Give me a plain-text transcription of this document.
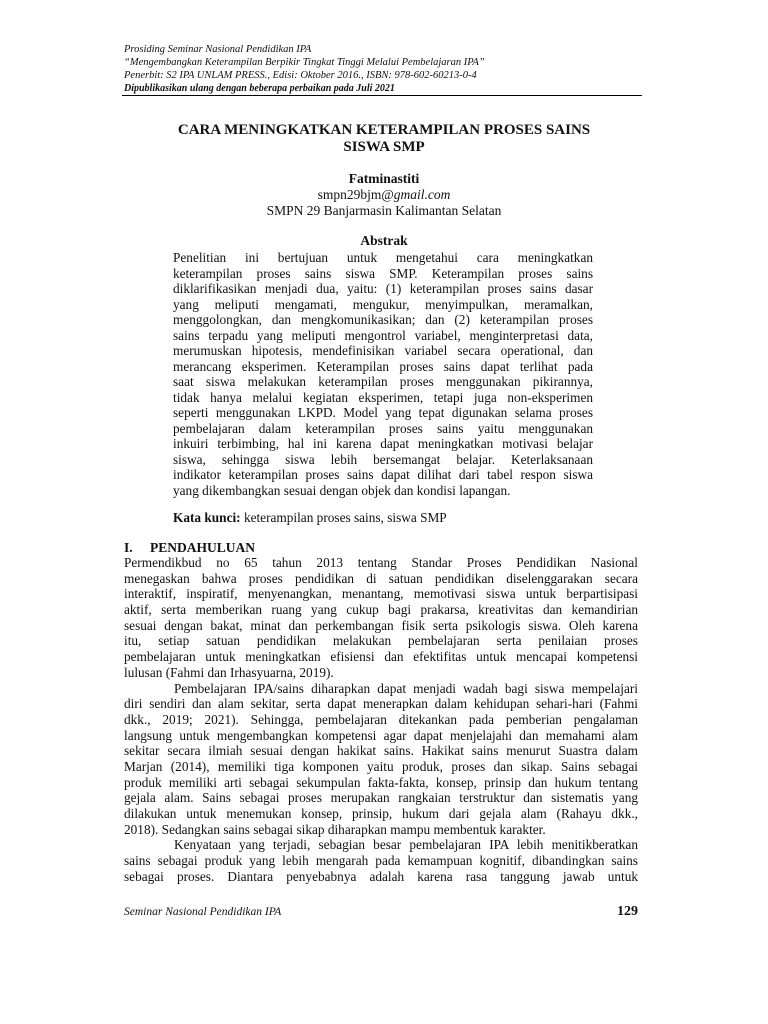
Prosiding Seminar Nasional Pendidikan IPA
“Mengembangkan Keterampilan Berpikir Tingkat Tinggi Melalui Pembelajaran IPA”
Penerbit: S2 IPA UNLAM PRESS., Edisi: Oktober 2016., ISBN: 978-602-60213-0-4
Dipublikasikan ulang dengan beberapa perbaikan pada Juli 2021
CARA MENINGKATKAN KETERAMPILAN PROSES SAINS
SISWA SMP
Fatminastiti
smpn29bjm@gmail.com
SMPN 29 Banjarmasin Kalimantan Selatan
Abstrak
Penelitian ini bertujuan untuk mengetahui cara meningkatkan
keterampilan proses sains siswa SMP. Keterampilan proses sains
diklarifikasikan menjadi dua, yaitu: (1) keterampilan proses sains dasar
yang meliputi mengamati, mengukur, menyimpulkan, meramalkan,
menggolongkan, dan mengkomunikasikan; dan (2) keterampilan proses
sains terpadu yang meliputi mengontrol variabel, menginterpretasi data,
merumuskan hipotesis, mendefinisikan variabel secara operational, dan
merancang eksperimen. Keterampilan proses sains dapat terlihat pada
saat siswa melakukan keterampilan proses menggunakan pikirannya,
tidak hanya melalui kegiatan eksperimen, tetapi juga non-eksperimen
seperti menggunakan LKPD. Model yang tepat digunakan selama proses
pembelajaran dalam keterampilan proses sains yaitu menggunakan
inkuiri terbimbing, hal ini karena dapat meningkatkan motivasi belajar
siswa, sehingga siswa lebih bersemangat belajar. Keterlaksanaan
indikator keterampilan proses sains dapat dilihat dari tabel respon siswa
yang dikembangkan sesuai dengan objek dan kondisi lapangan.
Kata kunci: keterampilan proses sains, siswa SMP
I. PENDAHULUAN
Permendikbud no 65 tahun 2013 tentang Standar Proses Pendidikan Nasional
menegaskan bahwa proses pendidikan di satuan pendidikan diselenggarakan secara
interaktif, inspiratif, menyenangkan, menantang, memotivasi siswa untuk berpartisipasi
aktif, serta memberikan ruang yang cukup bagi prakarsa, kreativitas dan kemandirian
sesuai dengan bakat, minat dan perkembangan fisik serta psikologis siswa. Oleh karena
itu, setiap satuan pendidikan melakukan pembelajaran serta penilaian proses
pembelajaran untuk meningkatkan efisiensi dan efektifitas untuk mencapai kompetensi
lulusan (Fahmi dan Irhasyuarna, 2019).
Pembelajaran IPA/sains diharapkan dapat menjadi wadah bagi siswa mempelajari
diri sendiri dan alam sekitar, serta dapat menerapkan dalam kehidupan sehari-hari (Fahmi
dkk., 2019; 2021). Sehingga, pembelajaran ditekankan pada pemberian pengalaman
langsung untuk mengembangkan kompetensi agar dapat menjelajahi dan memahami alam
sekitar secara ilmiah sesuai dengan hakikat sains. Hakikat sains menurut Suastra dalam
Marjan (2014), memiliki tiga komponen yaitu produk, proses dan sikap. Sains sebagai
produk memiliki arti sebagai sekumpulan fakta-fakta, konsep, prinsip dan hukum tentang
gejala alam. Sains sebagai proses merupakan rangkaian terstruktur dan sistematis yang
dilakukan untuk menemukan konsep, prinsip, hukum dari gejala alam (Rahayu dkk.,
2018). Sedangkan sains sebagai sikap diharapkan mampu membentuk karakter.
Kenyataan yang terjadi, sebagian besar pembelajaran IPA lebih menitikberatkan
sains sebagai produk yang lebih mengarah pada kemampuan kognitif, dibandingkan sains
sebagai proses. Diantara penyebabnya adalah karena rasa tanggung jawab untuk
Seminar Nasional Pendidikan IPA	129
